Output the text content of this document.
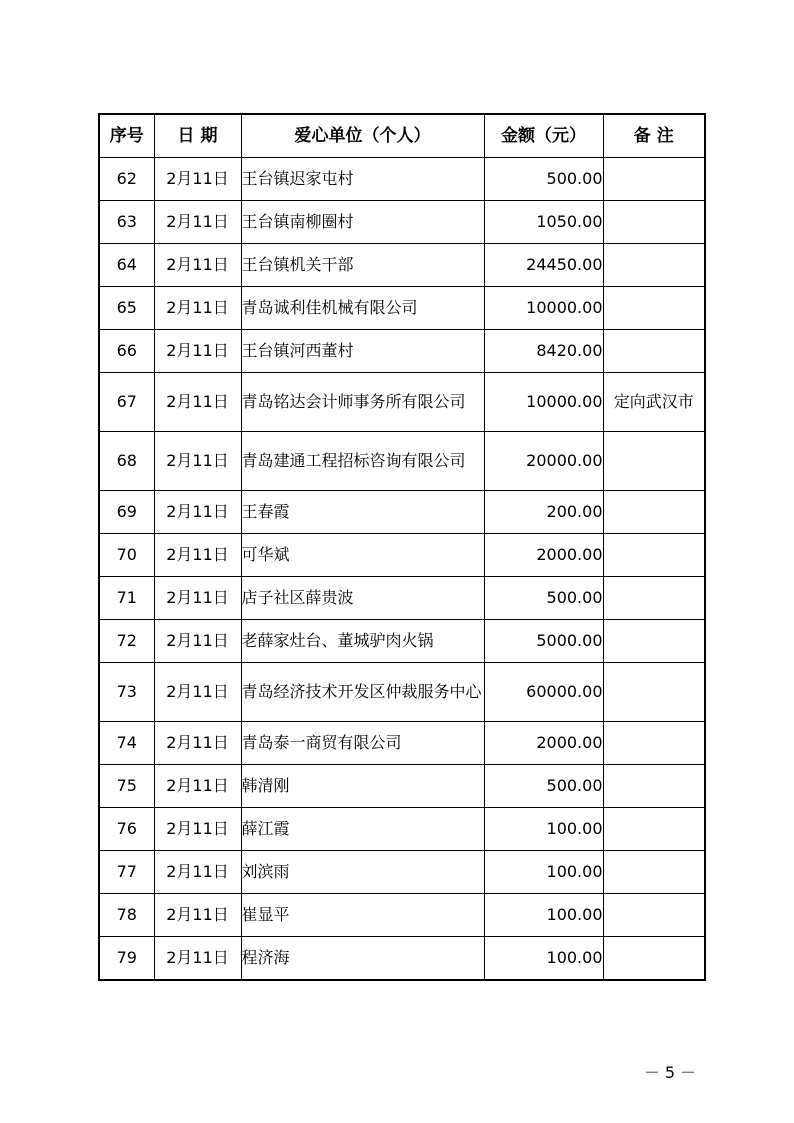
序号	日 期	爱心单位（个人）	金额（元）	备 注
62	2月11日	王台镇迟家屯村	500.00	
63	2月11日	王台镇南柳圈村	1050.00	
64	2月11日	王台镇机关干部	24450.00	
65	2月11日	青岛诚利佳机械有限公司	10000.00	
66	2月11日	王台镇河西董村	8420.00	
67	2月11日	青岛铭达会计师事务所有限公司	10000.00	定向武汉市
68	2月11日	青岛建通工程招标咨询有限公司	20000.00	
69	2月11日	王春霞	200.00	
70	2月11日	可华斌	2000.00	
71	2月11日	店子社区薛贵波	500.00	
72	2月11日	老薛家灶台、董城驴肉火锅	5000.00	
73	2月11日	青岛经济技术开发区仲裁服务中心	60000.00	
74	2月11日	青岛泰一商贸有限公司	2000.00	
75	2月11日	韩清刚	500.00	
76	2月11日	薛江霞	100.00	
77	2月11日	刘滨雨	100.00	
78	2月11日	崔显平	100.00	
79	2月11日	程济海	100.00	
－ 5 －
